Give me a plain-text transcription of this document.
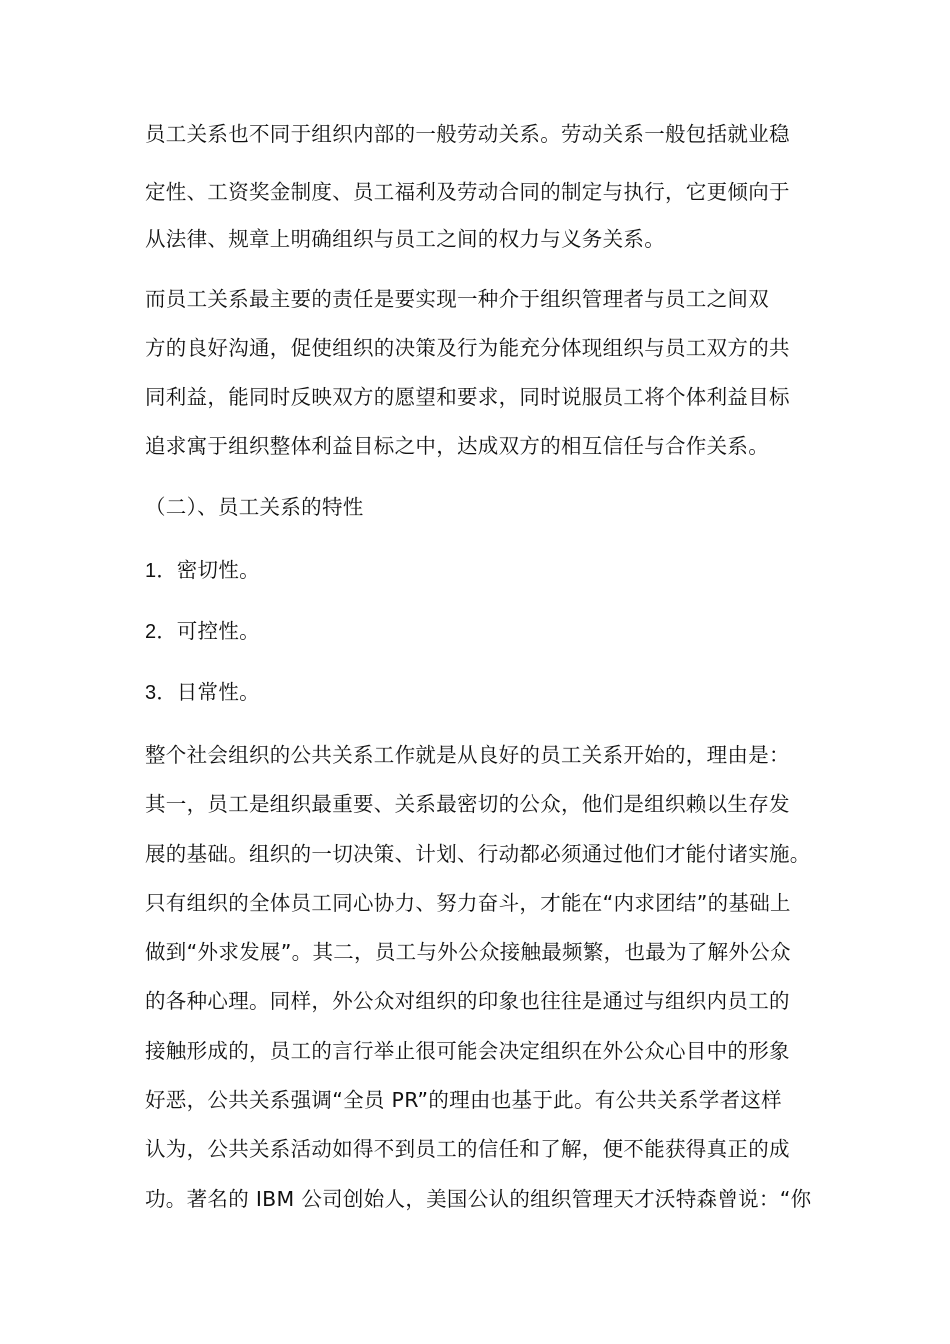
员工关系也不同于组织内部的一般劳动关系。劳动关系一般包括就业稳
定性、工资奖金制度、员工福利及劳动合同的制定与执行，它更倾向于
从法律、规章上明确组织与员工之间的权力与义务关系。
而员工关系最主要的责任是要实现一种介于组织管理者与员工之间双
方的良好沟通，促使组织的决策及行为能充分体现组织与员工双方的共
同利益，能同时反映双方的愿望和要求，同时说服员工将个体利益目标
追求寓于组织整体利益目标之中，达成双方的相互信任与合作关系。
（二）、员工关系的特性
1．密切性。
2．可控性。
3．日常性。
整个社会组织的公共关系工作就是从良好的员工关系开始的，理由是：
其一，员工是组织最重要、关系最密切的公众，他们是组织赖以生存发
展的基础。组织的一切决策、计划、行动都必须通过他们才能付诸实施。
只有组织的全体员工同心协力、努力奋斗，才能在“内求团结”的基础上
做到“外求发展”。其二，员工与外公众接触最频繁，也最为了解外公众
的各种心理。同样，外公众对组织的印象也往往是通过与组织内员工的
接触形成的，员工的言行举止很可能会决定组织在外公众心目中的形象
好恶，公共关系强调“全员 PR”的理由也基于此。有公共关系学者这样
认为，公共关系活动如得不到员工的信任和了解，便不能获得真正的成
功。著名的 IBM 公司创始人，美国公认的组织管理天才沃特森曾说：“你
